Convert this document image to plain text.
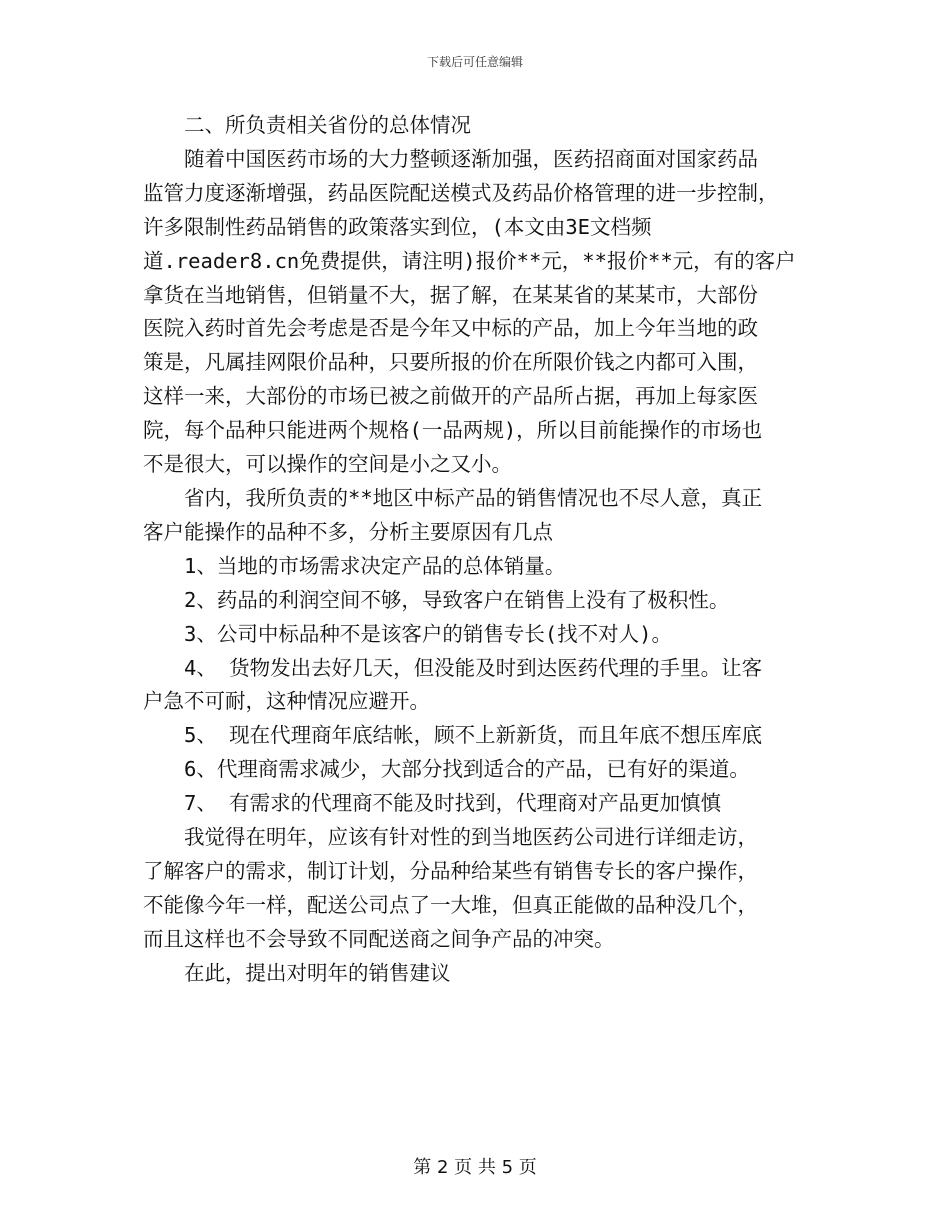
下载后可任意编辑

　　二、所负责相关省份的总体情况

　　随着中国医药市场的大力整顿逐渐加强，医药招商面对国家药品

监管力度逐渐增强，药品医院配送模式及药品价格管理的进一步控制，

许多限制性药品销售的政策落实到位，(本文由3E文档频

道.reader8.cn免费提供，请注明)报价**元，**报价**元，有的客户

拿货在当地销售，但销量不大，据了解，在某某省的某某市，大部份

医院入药时首先会考虑是否是今年又中标的产品，加上今年当地的政

策是，凡属挂网限价品种，只要所报的价在所限价钱之内都可入围，

这样一来，大部份的市场已被之前做开的产品所占据，再加上每家医

院，每个品种只能进两个规格(一品两规)，所以目前能操作的市场也

不是很大，可以操作的空间是小之又小。

　　省内，我所负责的**地区中标产品的销售情况也不尽人意，真正

客户能操作的品种不多，分析主要原因有几点

　　1、当地的市场需求决定产品的总体销量。

　　2、药品的利润空间不够，导致客户在销售上没有了极积性。

　　3、公司中标品种不是该客户的销售专长(找不对人)。

　　4、 货物发出去好几天，但没能及时到达医药代理的手里。让客

户急不可耐，这种情况应避开。

　　5、 现在代理商年底结帐，顾不上新新货，而且年底不想压库底

　　6、代理商需求减少，大部分找到适合的产品，已有好的渠道。

　　7、 有需求的代理商不能及时找到，代理商对产品更加慎慎

　　我觉得在明年，应该有针对性的到当地医药公司进行详细走访，

了解客户的需求，制订计划，分品种给某些有销售专长的客户操作，

不能像今年一样，配送公司点了一大堆，但真正能做的品种没几个，

而且这样也不会导致不同配送商之间争产品的冲突。

　　在此，提出对明年的销售建议

第 2 页 共 5 页
